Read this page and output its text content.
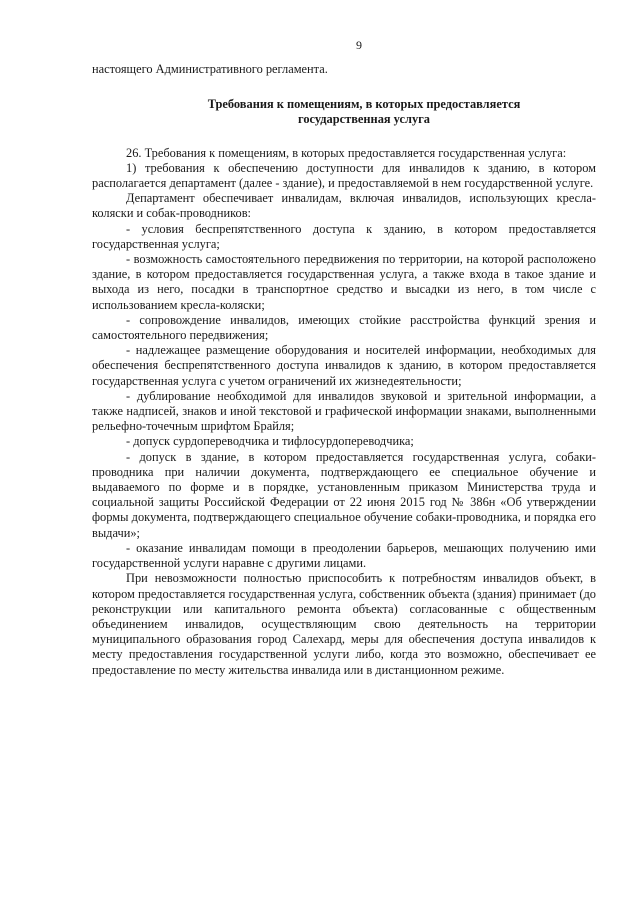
9

настоящего Административного регламента.

Требования к помещениям, в которых предоставляется
государственная услуга

26. Требования к помещениям, в которых предоставляется государственная услуга:

1) требования к обеспечению доступности для инвалидов к зданию, в котором располагается департамент (далее - здание), и предоставляемой в нем государственной услуге.

Департамент обеспечивает инвалидам, включая инвалидов, использующих кресла-коляски и собак-проводников:

- условия беспрепятственного доступа к зданию, в котором предоставляется государственная услуга;

- возможность самостоятельного передвижения по территории, на которой расположено здание, в котором предоставляется государственная услуга, а также входа в такое здание и выхода из него, посадки в транспортное средство и высадки из него, в том числе с использованием кресла-коляски;

- сопровождение инвалидов, имеющих стойкие расстройства функций зрения и самостоятельного передвижения;

- надлежащее размещение оборудования и носителей информации, необходимых для обеспечения беспрепятственного доступа инвалидов к зданию, в котором предоставляется государственная услуга с учетом ограничений их жизнедеятельности;

- дублирование необходимой для инвалидов звуковой и зрительной информации, а также надписей, знаков и иной текстовой и графической информации знаками, выполненными рельефно-точечным шрифтом Брайля;

- допуск сурдопереводчика и тифлосурдопереводчика;

- допуск в здание, в котором предоставляется государственная услуга, собаки-проводника при наличии документа, подтверждающего ее специальное обучение и выдаваемого по форме и в порядке, установленным приказом Министерства труда и социальной защиты Российской Федерации от 22 июня 2015 год № 386н «Об утверждении формы документа, подтверждающего специальное обучение собаки-проводника, и порядка его выдачи»;

- оказание инвалидам помощи в преодолении барьеров, мешающих получению ими государственной услуги наравне с другими лицами.

При невозможности полностью приспособить к потребностям инвалидов объект, в котором предоставляется государственная услуга, собственник объекта (здания) принимает (до реконструкции или капитального ремонта объекта) согласованные с общественным объединением инвалидов, осуществляющим свою деятельность на территории муниципального образования город Салехард, меры для обеспечения доступа инвалидов к месту предоставления государственной услуги либо, когда это возможно, обеспечивает ее предоставление по месту жительства инвалида или в дистанционном режиме.
